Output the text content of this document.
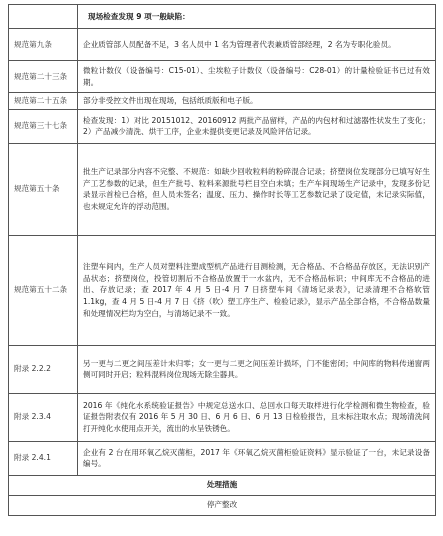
	现场检查发现 9 项一般缺陷：
规范第九条	企业质管部人员配备不足，3 名人员中 1 名为管理者代表兼质管部经理，2 名为专职化验员。
规范第二十三条	微粒计数仪（设备编号：C15-01）、尘埃粒子计数仪（设备编号：C28-01）的计量检验证书已过有效期。
规范第二十五条	部分非受控文件出现在现场，包括纸质版和电子版。
规范第三十七条	检查发现：1）对比 20151012、20160912 两批产品留样，产品的内包材和过滤器性状发生了变化；2）产品减少清洗、烘干工序，企业未提供变更记录及风险评估记录。
规范第五十条	批生产记录部分内容不完整、不规范：如缺少回收粒料的粉碎混合记录；挤塑岗位发现部分已填写好生产工艺参数的记录，但生产批号、粒料来源批号栏目空白未填；生产车间现场生产记录中，发现多份记录显示首检已合格，但人员未签名；温度、压力、操作时长等工艺参数记录了设定值，未记录实际值，也未规定允许的浮动范围。
规范第五十二条	注塑车间内，生产人员对塑料注塑成型机产品进行目测检测，无合格品、不合格品存放区，无法识别产品状态；挤塑岗位，投管切割后不合格品放置于一水盆内，无不合格品标识；中间库无不合格品的进出、存放记录；查 2017 年 4 月 5 日-4 月 7 日挤塑车间《清场记录表》，记录清理不合格软管 1.1kg，查 4 月 5 日-4 月 7 日《挤（吹）塑工序生产、检验记录》，显示产品全部合格，不合格品数量和处理情况栏均为空白，与清场记录不一致。
附录 2.2.2	另一更与二更之间压差计未归零；女一更与二更之间压差计损坏，门不能密闭；中间库的物料传递窗两侧可同时开启；粒料混料岗位现场无除尘器具。
附录 2.3.4	2016 年《纯化水系统验证报告》中规定总送水口、总回水口每天取样进行化学检测和微生物检查，验证报告附表仅有 2016 年 5 月 30 日、6 月 6 日、6 月 13 日检验报告，且未标注取水点；现场清洗间打开纯化水使用点开关，流出的水呈铁锈色。
附录 2.4.1	企业有 2 台在用环氧乙烷灭菌柜，2017 年《环氧乙烷灭菌柜验证资料》显示验证了一台，未记录设备编号。
处理措施	
停产整改	
